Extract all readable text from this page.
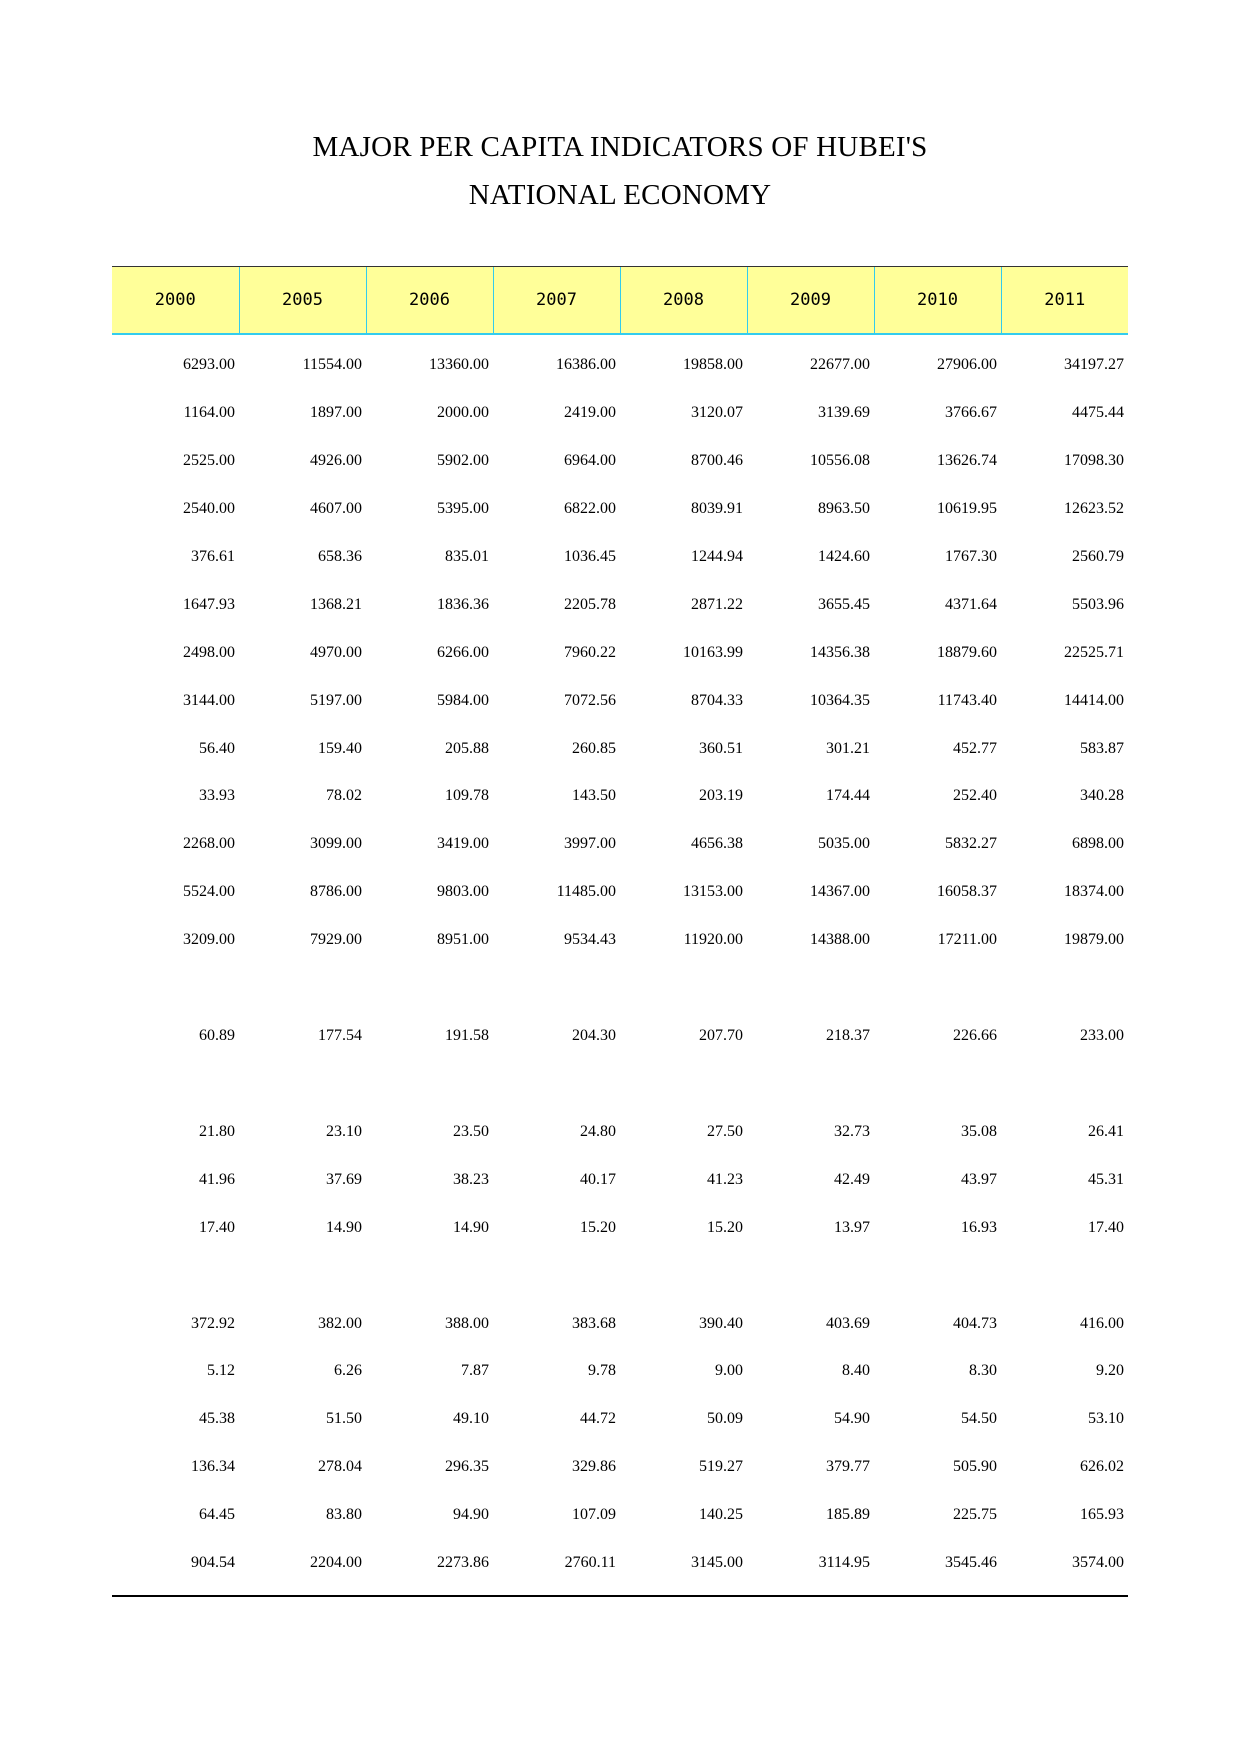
MAJOR PER CAPITA INDICATORS OF HUBEI'S
NATIONAL ECONOMY
2000	2005	2006	2007	2008	2009	2010	2011
6293.00	11554.00	13360.00	16386.00	19858.00	22677.00	27906.00	34197.27
1164.00	1897.00	2000.00	2419.00	3120.07	3139.69	3766.67	4475.44
2525.00	4926.00	5902.00	6964.00	8700.46	10556.08	13626.74	17098.30
2540.00	4607.00	5395.00	6822.00	8039.91	8963.50	10619.95	12623.52
376.61	658.36	835.01	1036.45	1244.94	1424.60	1767.30	2560.79
1647.93	1368.21	1836.36	2205.78	2871.22	3655.45	4371.64	5503.96
2498.00	4970.00	6266.00	7960.22	10163.99	14356.38	18879.60	22525.71
3144.00	5197.00	5984.00	7072.56	8704.33	10364.35	11743.40	14414.00
56.40	159.40	205.88	260.85	360.51	301.21	452.77	583.87
33.93	78.02	109.78	143.50	203.19	174.44	252.40	340.28
2268.00	3099.00	3419.00	3997.00	4656.38	5035.00	5832.27	6898.00
5524.00	8786.00	9803.00	11485.00	13153.00	14367.00	16058.37	18374.00
3209.00	7929.00	8951.00	9534.43	11920.00	14388.00	17211.00	19879.00

60.89	177.54	191.58	204.30	207.70	218.37	226.66	233.00

21.80	23.10	23.50	24.80	27.50	32.73	35.08	26.41
41.96	37.69	38.23	40.17	41.23	42.49	43.97	45.31
17.40	14.90	14.90	15.20	15.20	13.97	16.93	17.40

372.92	382.00	388.00	383.68	390.40	403.69	404.73	416.00
5.12	6.26	7.87	9.78	9.00	8.40	8.30	9.20
45.38	51.50	49.10	44.72	50.09	54.90	54.50	53.10
136.34	278.04	296.35	329.86	519.27	379.77	505.90	626.02
64.45	83.80	94.90	107.09	140.25	185.89	225.75	165.93
904.54	2204.00	2273.86	2760.11	3145.00	3114.95	3545.46	3574.00
